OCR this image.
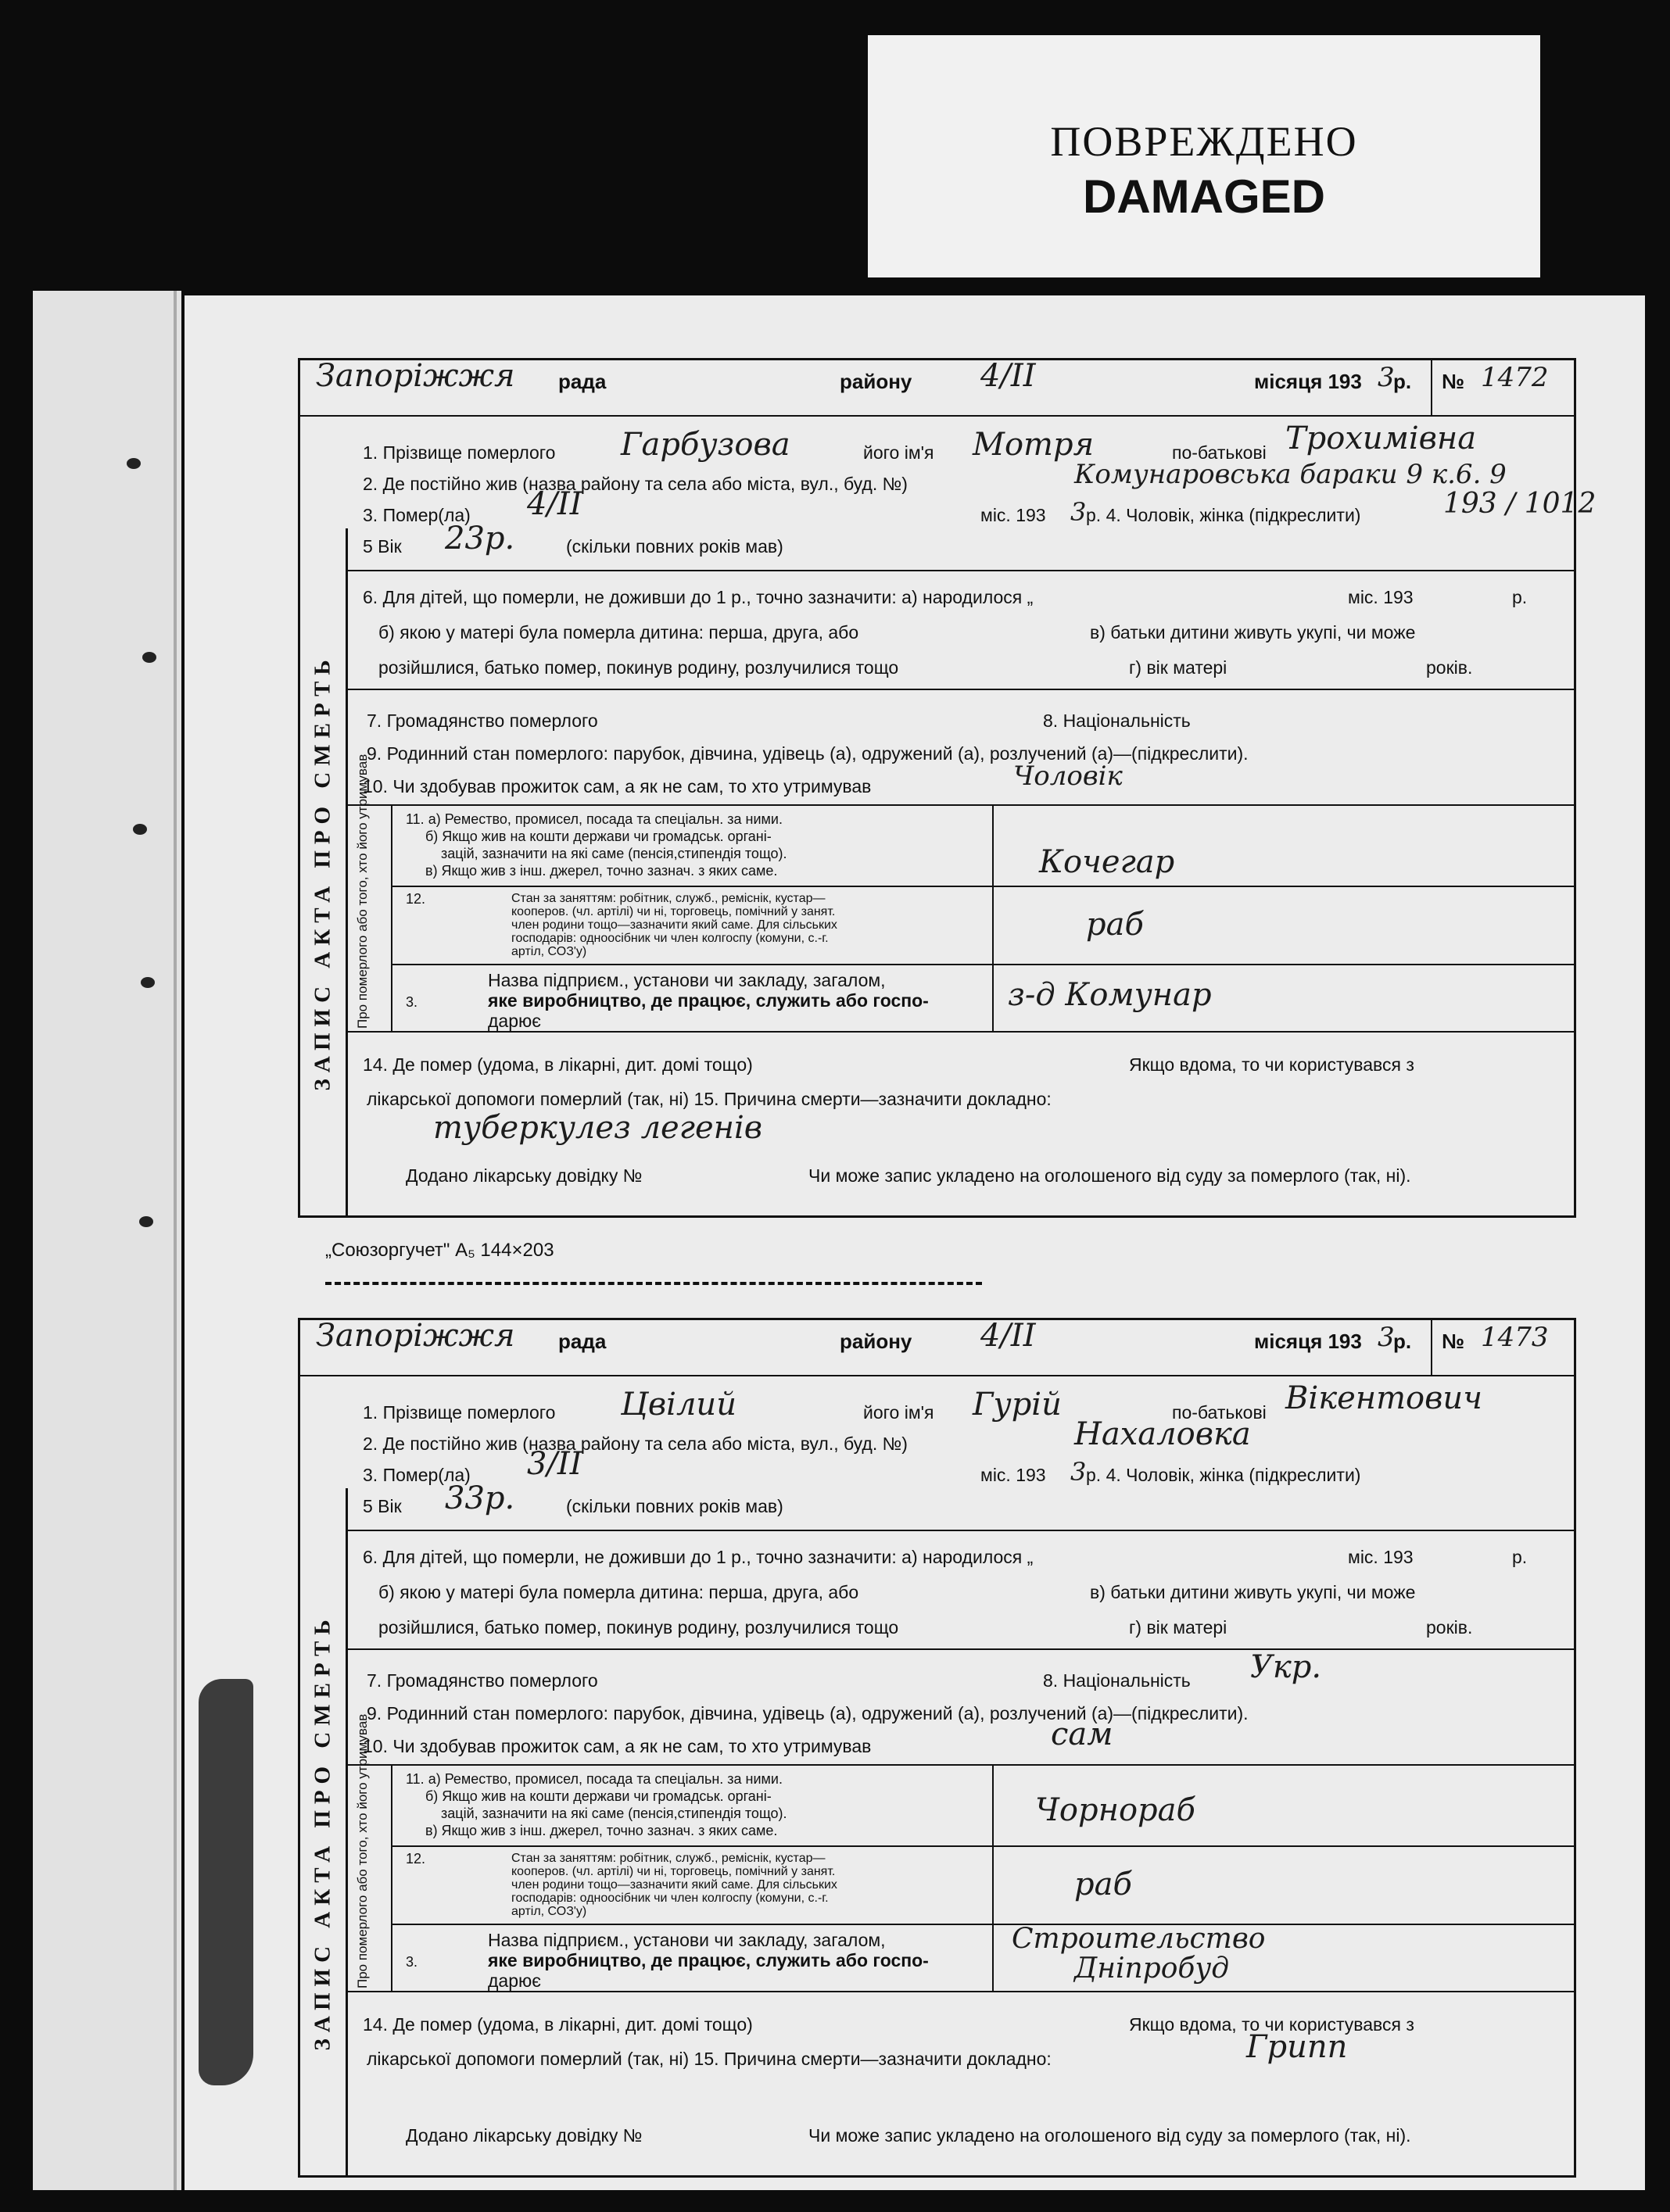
ПОВРЕЖДЕНО
DAMAGED
Запоріжжя рада	району 4/ІІ	місяця 193 3
р. № 1472
1. Прізвище померлого Гарбузова	його ім'я Мотря	по-батькові Трохимівна
2. Де постійно жив (назва району та села або міста, вул., буд. №)	Комунаровська бараки 9 к.6. 9
3. Помер(ла) 4/ІІ	міс. 193 3 р. 4. Чоловік, жінка (підкреслити)	193 / 1012
5 Вік 23р.	(скільки повних років мав)
6. Для дітей, що померли, не доживши до 1 р., точно зазначити: а) народилося „	міс. 193	р.
б) якою у матері була померла дитина: перша, друга, або	в) батьки дитини живуть укупі, чи може
розійшлися, батько помер, покинув родину, розлучилися тощо	г) вік матері	років.
7. Громадянство померлого	8. Національність
9. Родинний стан померлого: парубок, дівчина, удівець (а), одружений (а), розлучений (а)—(підкреслити).
10. Чи здобував прожиток сам, а як не сам, то хто утримував	Чоловік
Про померлого або того, хто його утримував	11. а) Ремество, промисел, посада та спеціальн. за ними.
б) Якщо жив на кошти держави чи громадськ. органі-
зацій, зазначити на які саме (пенсія,стипендія тощо).
в) Якщо жив з інш. джерел, точно зазнач. з яких саме.	Кочегар
12.	Стан за заняттям: робітник, служб., реміснік, кустар—
кооперов. (чл. артілі) чи ні, торговець, помічний у занят.
член родини тощо—зазначити який саме. Для сільських
господарів: одноосібник чи член колгоспу (комуни, с.-г.
артіл, СОЗ'у)
раб
3.
Назва підприєм., установи чи закладу, загалом,
яке виробництво, де працює, служить або госпо-
дарює
з-д Комунар
14. Де помер (удома, в лікарні, дит. домі тощо)	Якщо вдома, то чи користувався з
лікарської допомоги померлий (так, ні) 15. Причина смерти—зазначити докладно:
туберкулез легенів
Додано лікарську довідку №	Чи може запис укладено на оголошеного від суду за померлого (так, ні).
ЗАПИС АКТА ПРО СМЕРТЬ
„Союзоргучет" А₅ 144×203
Запоріжжя рада	району 4/ІІ	місяця 193 3
р. № 1473
1. Прізвище померлого Цвілий	його ім'я Гурій	по-батькові Вікентович
2. Де постійно жив (назва району та села або міста, вул., буд. №)	Нахаловка
3. Помер(ла) 3/ІІ	міс. 193 3 р. 4. Чоловік, жінка (підкреслити)
5 Вік 33р.	(скільки повних років мав)
6. Для дітей, що померли, не доживши до 1 р., точно зазначити: а) народилося „	міс. 193	р.
б) якою у матері була померла дитина: перша, друга, або	в) батьки дитини живуть укупі, чи може
розійшлися, батько помер, покинув родину, розлучилися тощо	г) вік матері	років.
7. Громадянство померлого	8. Національність Укр.
9. Родинний стан померлого: парубок, дівчина, удівець (а), одружений (а), розлучений (а)—(підкреслити).
10. Чи здобував прожиток сам, а як не сам, то хто утримував	сам
Про померлого або того, хто його утримував	11. а) Ремество, промисел, посада та спеціальн. за ними.
б) Якщо жив на кошти держави чи громадськ. органі-
зацій, зазначити на які саме (пенсія,стипендія тощо).
в) Якщо жив з інш. джерел, точно зазнач. з яких саме.
Чорнораб
12.	Стан за заняттям: робітник, служб., реміснік, кустар—
кооперов. (чл. артілі) чи ні, торговець, помічний у занят.
член родини тощо—зазначити який саме. Для сільських
господарів: одноосібник чи член колгоспу (комуни, с.-г.
артіл, СОЗ'у)
раб
3.
Назва підприєм., установи чи закладу, загалом,
яке виробництво, де працює, служить або госпо-
дарює
Строительство
Дніпробуд
14. Де помер (удома, в лікарні, дит. домі тощо)	Якщо вдома, то чи користувався з
лікарської допомоги померлий (так, ні) 15. Причина смерти—зазначити докладно:	Грипп
Додано лікарську довідку №	Чи може запис укладено на оголошеного від суду за померлого (так, ні).
ЗАПИС АКТА ПРО СМЕРТЬ
